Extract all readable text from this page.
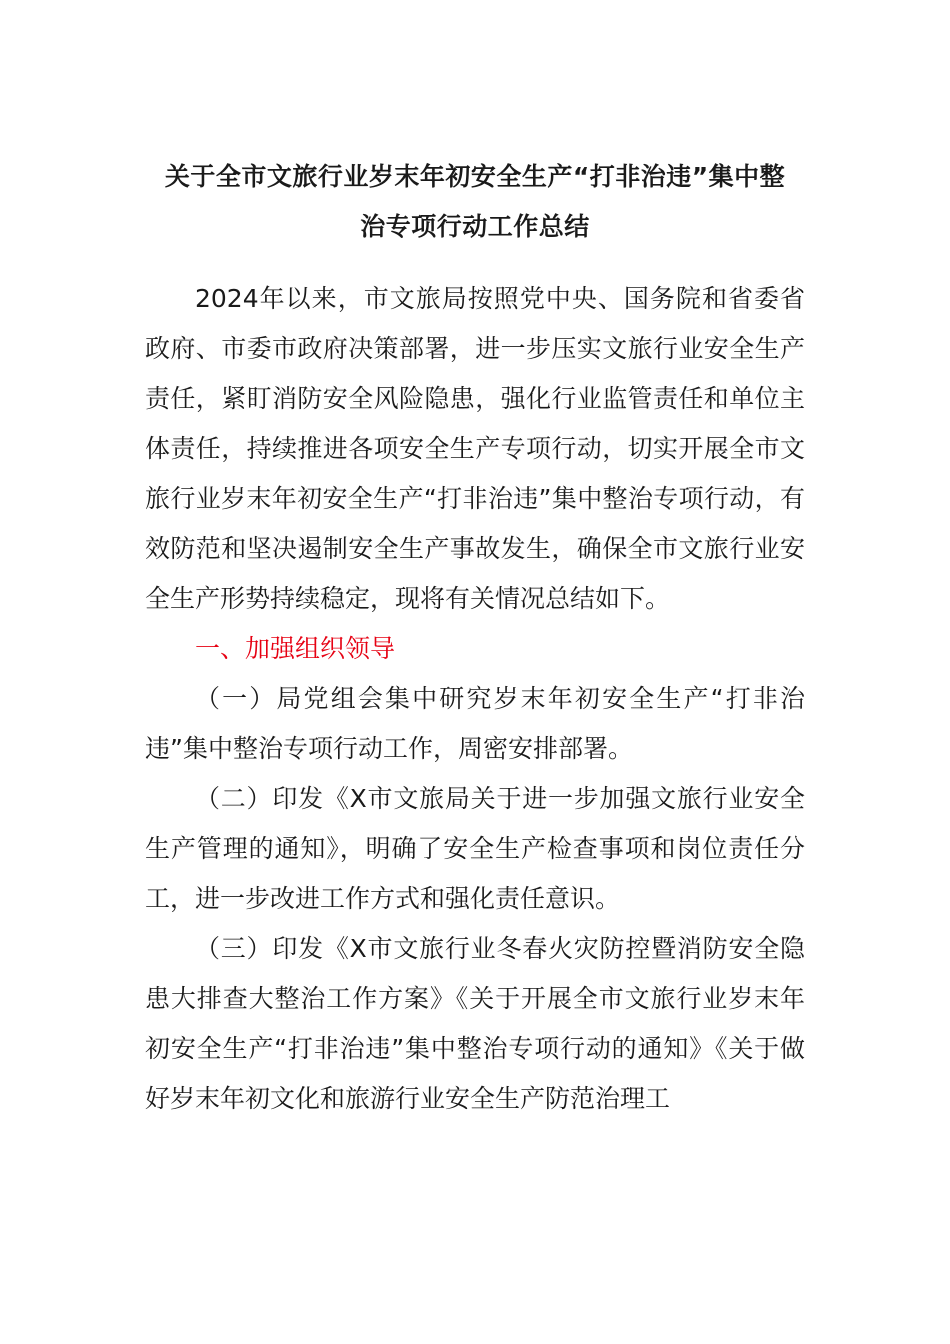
关于全市文旅行业岁末年初安全生产“打非治违”集中整
治专项行动工作总结

2024年以来，市文旅局按照党中央、国务院和省委省政府、市委市政府决策部署，进一步压实文旅行业安全生产责任，紧盯消防安全风险隐患，强化行业监管责任和单位主体责任，持续推进各项安全生产专项行动，切实开展全市文旅行业岁末年初安全生产“打非治违”集中整治专项行动，有效防范和坚决遏制安全生产事故发生，确保全市文旅行业安全生产形势持续稳定，现将有关情况总结如下。

一、加强组织领导

（一）局党组会集中研究岁末年初安全生产“打非治违”集中整治专项行动工作，周密安排部署。

（二）印发《X市文旅局关于进一步加强文旅行业安全生产管理的通知》，明确了安全生产检查事项和岗位责任分工，进一步改进工作方式和强化责任意识。

（三）印发《X市文旅行业冬春火灾防控暨消防安全隐患大排查大整治工作方案》《关于开展全市文旅行业岁末年初安全生产“打非治违”集中整治专项行动的通知》《关于做好岁末年初文化和旅游行业安全生产防范治理工
